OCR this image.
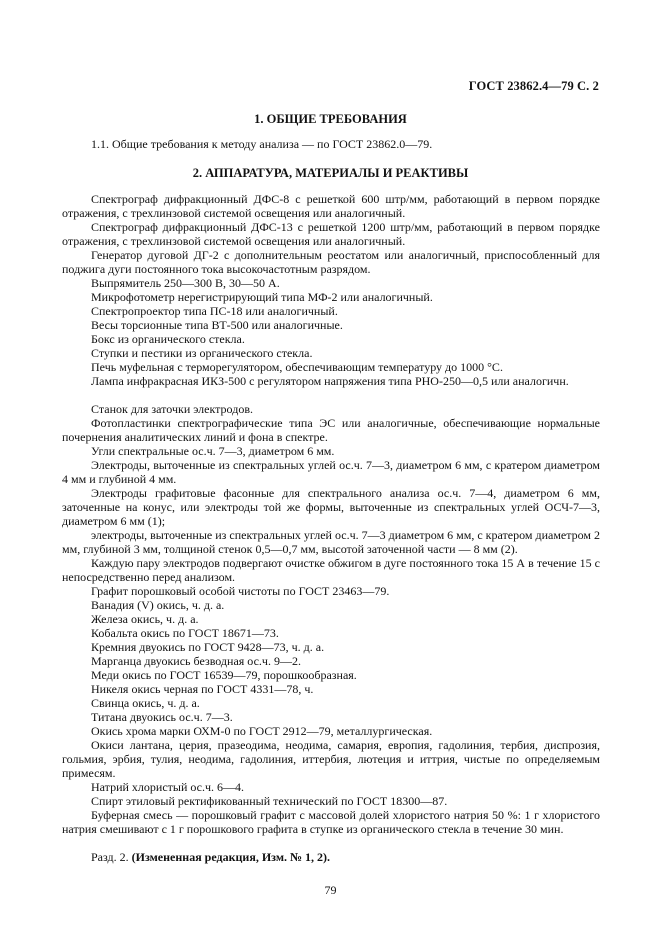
ГОСТ 23862.4—79 С. 2
1. ОБЩИЕ ТРЕБОВАНИЯ
1.1. Общие требования к методу анализа — по ГОСТ 23862.0—79.
2. АППАРАТУРА, МАТЕРИАЛЫ И РЕАКТИВЫ
Спектрограф дифракционный ДФС-8 с решеткой 600 штр/мм, работающий в первом порядке отражения, с трехлинзовой системой освещения или аналогичный.
Спектрограф дифракционный ДФС-13 с решеткой 1200 штр/мм, работающий в первом порядке отражения, с трехлинзовой системой освещения или аналогичный.
Генератор дуговой ДГ-2 с дополнительным реостатом или аналогичный, приспособленный для поджига дуги постоянного тока высокочастотным разрядом.
Выпрямитель 250—300 В, 30—50 А.
Микрофотометр нерегистрирующий типа МФ-2 или аналогичный.
Спектропроектор типа ПС-18 или аналогичный.
Весы торсионные типа ВТ-500 или аналогичные.
Бокс из органического стекла.
Ступки и пестики из органического стекла.
Печь муфельная с терморегулятором, обеспечивающим температуру до 1000 °С.
Лампа инфракрасная ИКЗ-500 с регулятором напряжения типа РНО-250—0,5 или аналогичн.
Станок для заточки электродов.
Фотопластинки спектрографические типа ЭС или аналогичные, обеспечивающие нормальные почернения аналитических линий и фона в спектре.
Угли спектральные ос.ч. 7—3, диаметром 6 мм.
Электроды, выточенные из спектральных углей ос.ч. 7—3, диаметром 6 мм, с кратером диаметром 4 мм и глубиной 4 мм.
Электроды графитовые фасонные для спектрального анализа ос.ч. 7—4, диаметром 6 мм, заточенные на конус, или электроды той же формы, выточенные из спектральных углей ОСЧ-7—3, диаметром 6 мм (1);
электроды, выточенные из спектральных углей ос.ч. 7—3 диаметром 6 мм, с кратером диаметром 2 мм, глубиной 3 мм, толщиной стенок 0,5—0,7 мм, высотой заточенной части — 8 мм (2).
Каждую пару электродов подвергают очистке обжигом в дуге постоянного тока 15 А в течение 15 с непосредственно перед анализом.
Графит порошковый особой чистоты по ГОСТ 23463—79.
Ванадия (V) окись, ч. д. а.
Железа окись, ч. д. а.
Кобальта окись по ГОСТ 18671—73.
Кремния двуокись по ГОСТ 9428—73, ч. д. а.
Марганца двуокись безводная ос.ч. 9—2.
Меди окись по ГОСТ 16539—79, порошкообразная.
Никеля окись черная по ГОСТ 4331—78, ч.
Свинца окись, ч. д. а.
Титана двуокись ос.ч. 7—3.
Окись хрома марки ОХМ-0 по ГОСТ 2912—79, металлургическая.
Окиси лантана, церия, празеодима, неодима, самария, европия, гадолиния, тербия, диспрозия, гольмия, эрбия, тулия, неодима, гадолиния, иттербия, лютеция и иттрия, чистые по определяемым примесям.
Натрий хлористый ос.ч. 6—4.
Спирт этиловый ректификованный технический по ГОСТ 18300—87.
Буферная смесь — порошковый графит с массовой долей хлористого натрия 50 %: 1 г хлористого натрия смешивают с 1 г порошкового графита в ступке из органического стекла в течение 30 мин.
Разд. 2. (Измененная редакция, Изм. № 1, 2).
79
